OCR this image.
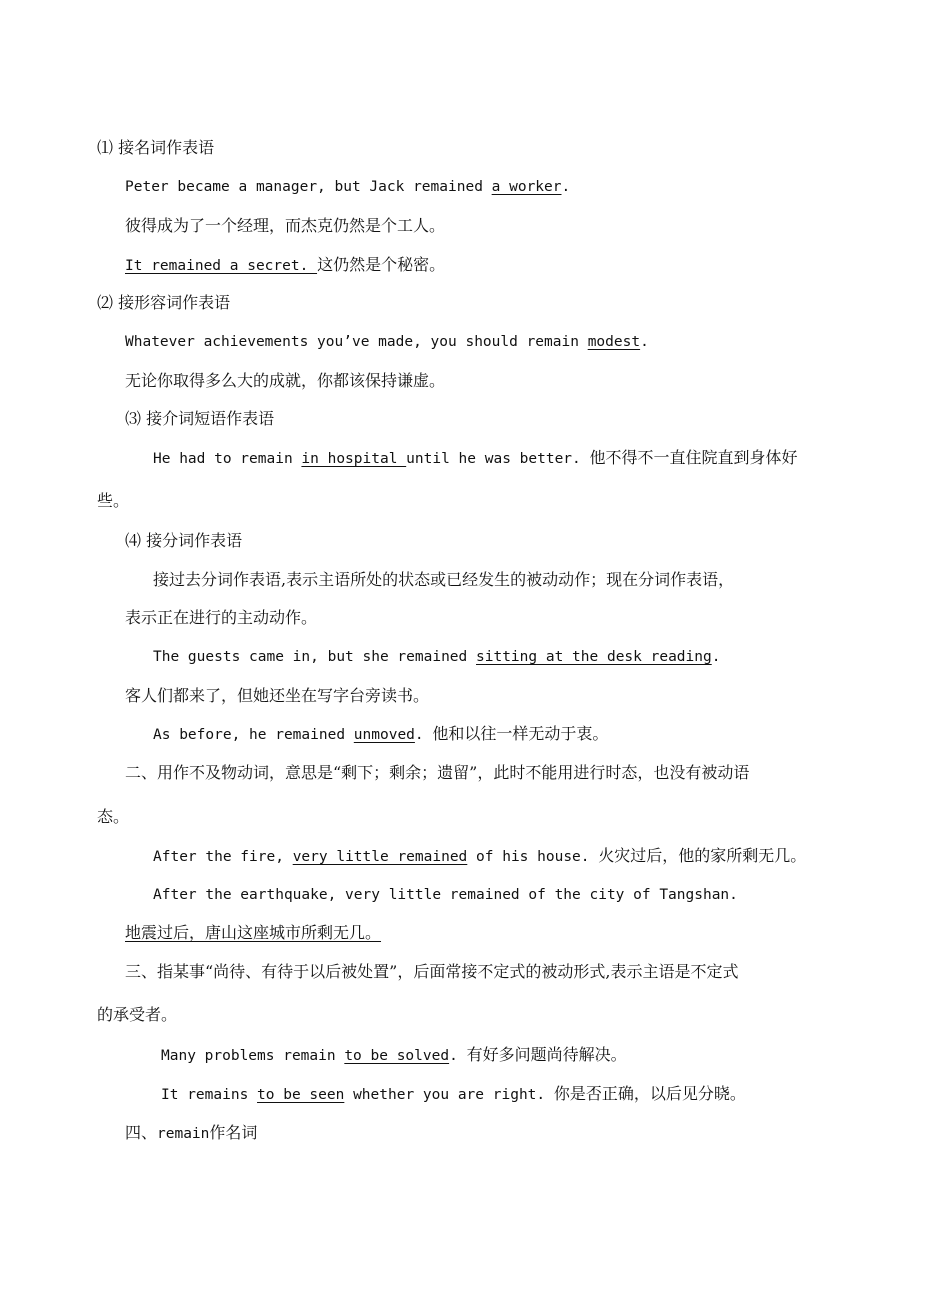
⑴ 接名词作表语
Peter became a manager, but Jack remained a worker.
彼得成为了一个经理，而杰克仍然是个工人。
It remained a secret. 这仍然是个秘密。
⑵ 接形容词作表语
Whatever achievements you’ve made, you should remain modest.
无论你取得多么大的成就，你都该保持谦虚。
⑶ 接介词短语作表语
He had to remain in hospital until he was better. 他不得不一直住院直到身体好
些。
⑷ 接分词作表语
接过去分词作表语,表示主语所处的状态或已经发生的被动动作；现在分词作表语，
表示正在进行的主动动作。
The guests came in, but she remained sitting at the desk reading.
客人们都来了，但她还坐在写字台旁读书。
As before, he remained unmoved. 他和以往一样无动于衷。
二、用作不及物动词，意思是“剩下；剩余；遗留”，此时不能用进行时态，也没有被动语
态。
After the fire, very little remained of his house. 火灾过后，他的家所剩无几。
After the earthquake, very little remained of the city of Tangshan.
地震过后，唐山这座城市所剩无几。
三、指某事“尚待、有待于以后被处置”，后面常接不定式的被动形式,表示主语是不定式
的承受者。
Many problems remain to be solved. 有好多问题尚待解决。
It remains to be seen whether you are right. 你是否正确，以后见分晓。
四、remain作名词
